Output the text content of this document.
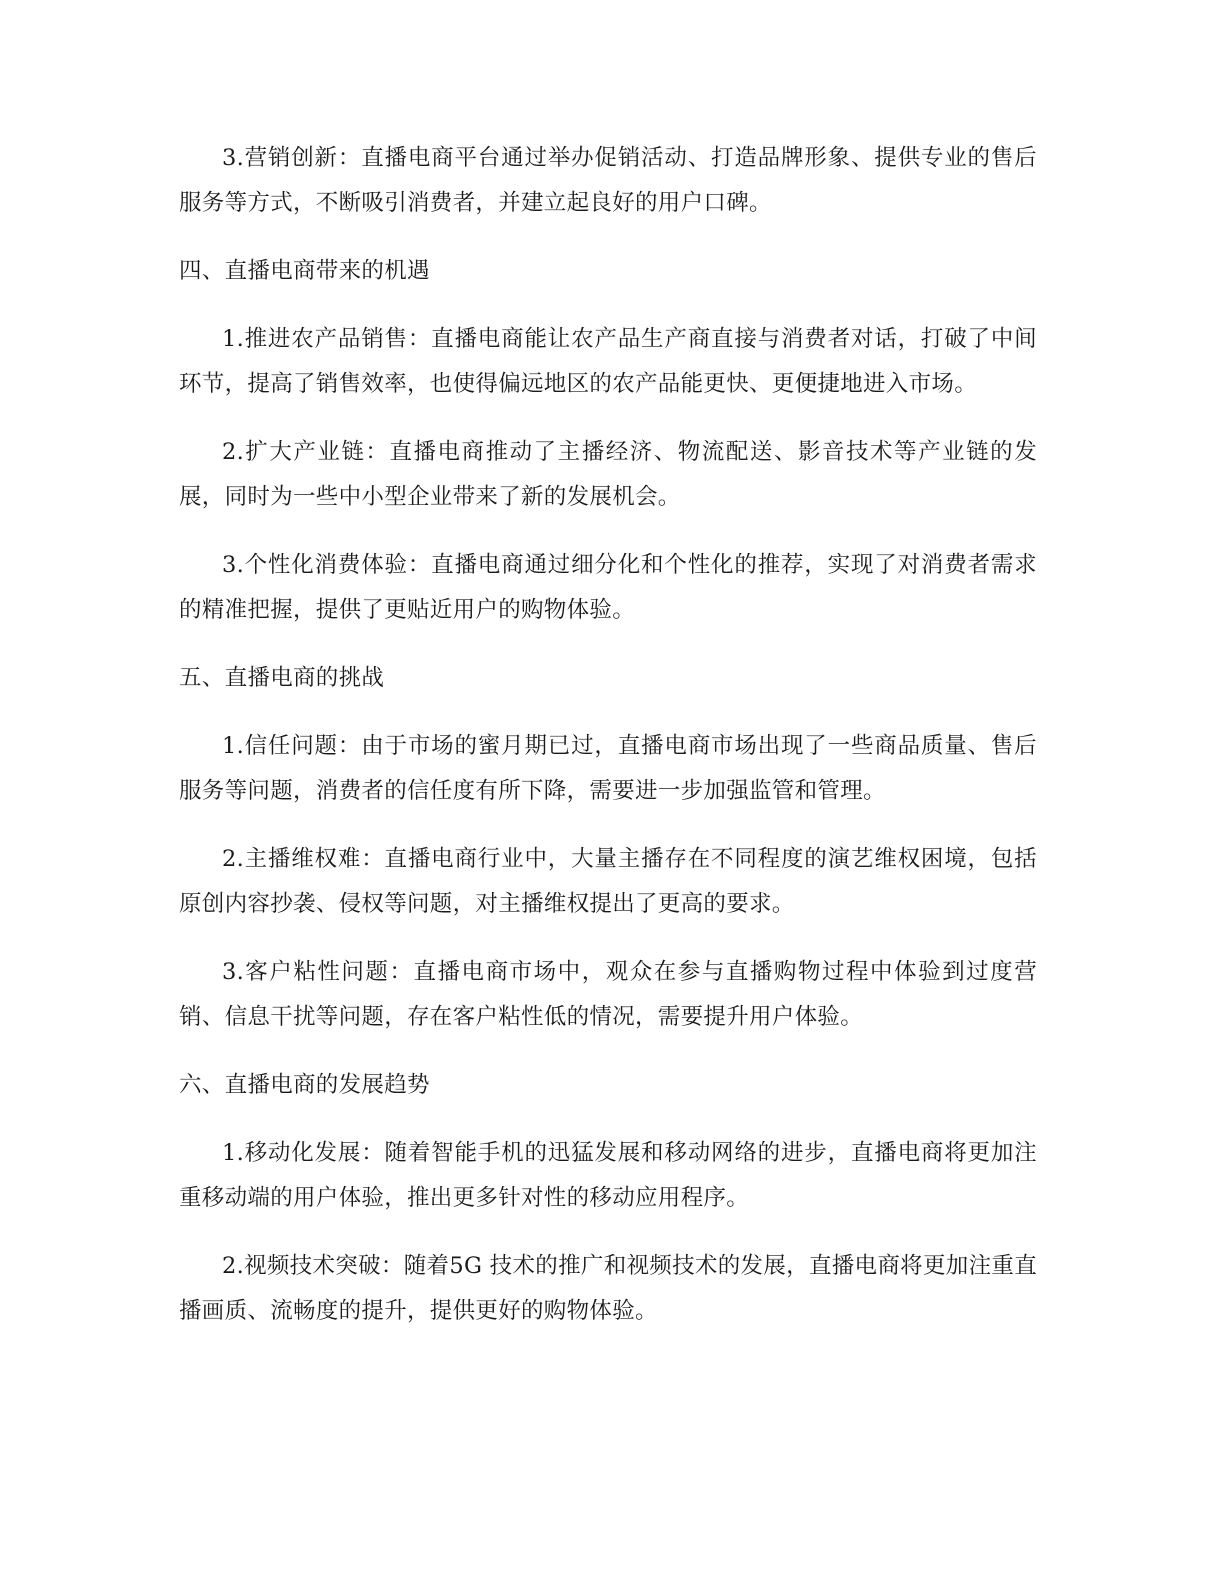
3.营销创新：直播电商平台通过举办促销活动、打造品牌形象、提供专业的售后服务等方式，不断吸引消费者，并建立起良好的用户口碑。

四、直播电商带来的机遇

1.推进农产品销售：直播电商能让农产品生产商直接与消费者对话，打破了中间环节，提高了销售效率，也使得偏远地区的农产品能更快、更便捷地进入市场。

2.扩大产业链：直播电商推动了主播经济、物流配送、影音技术等产业链的发展，同时为一些中小型企业带来了新的发展机会。

3.个性化消费体验：直播电商通过细分化和个性化的推荐，实现了对消费者需求的精准把握，提供了更贴近用户的购物体验。

五、直播电商的挑战

1.信任问题：由于市场的蜜月期已过，直播电商市场出现了一些商品质量、售后服务等问题，消费者的信任度有所下降，需要进一步加强监管和管理。

2.主播维权难：直播电商行业中，大量主播存在不同程度的演艺维权困境，包括原创内容抄袭、侵权等问题，对主播维权提出了更高的要求。

3.客户粘性问题：直播电商市场中，观众在参与直播购物过程中体验到过度营销、信息干扰等问题，存在客户粘性低的情况，需要提升用户体验。

六、直播电商的发展趋势

1.移动化发展：随着智能手机的迅猛发展和移动网络的进步，直播电商将更加注重移动端的用户体验，推出更多针对性的移动应用程序。

2.视频技术突破：随着5G 技术的推广和视频技术的发展，直播电商将更加注重直播画质、流畅度的提升，提供更好的购物体验。
